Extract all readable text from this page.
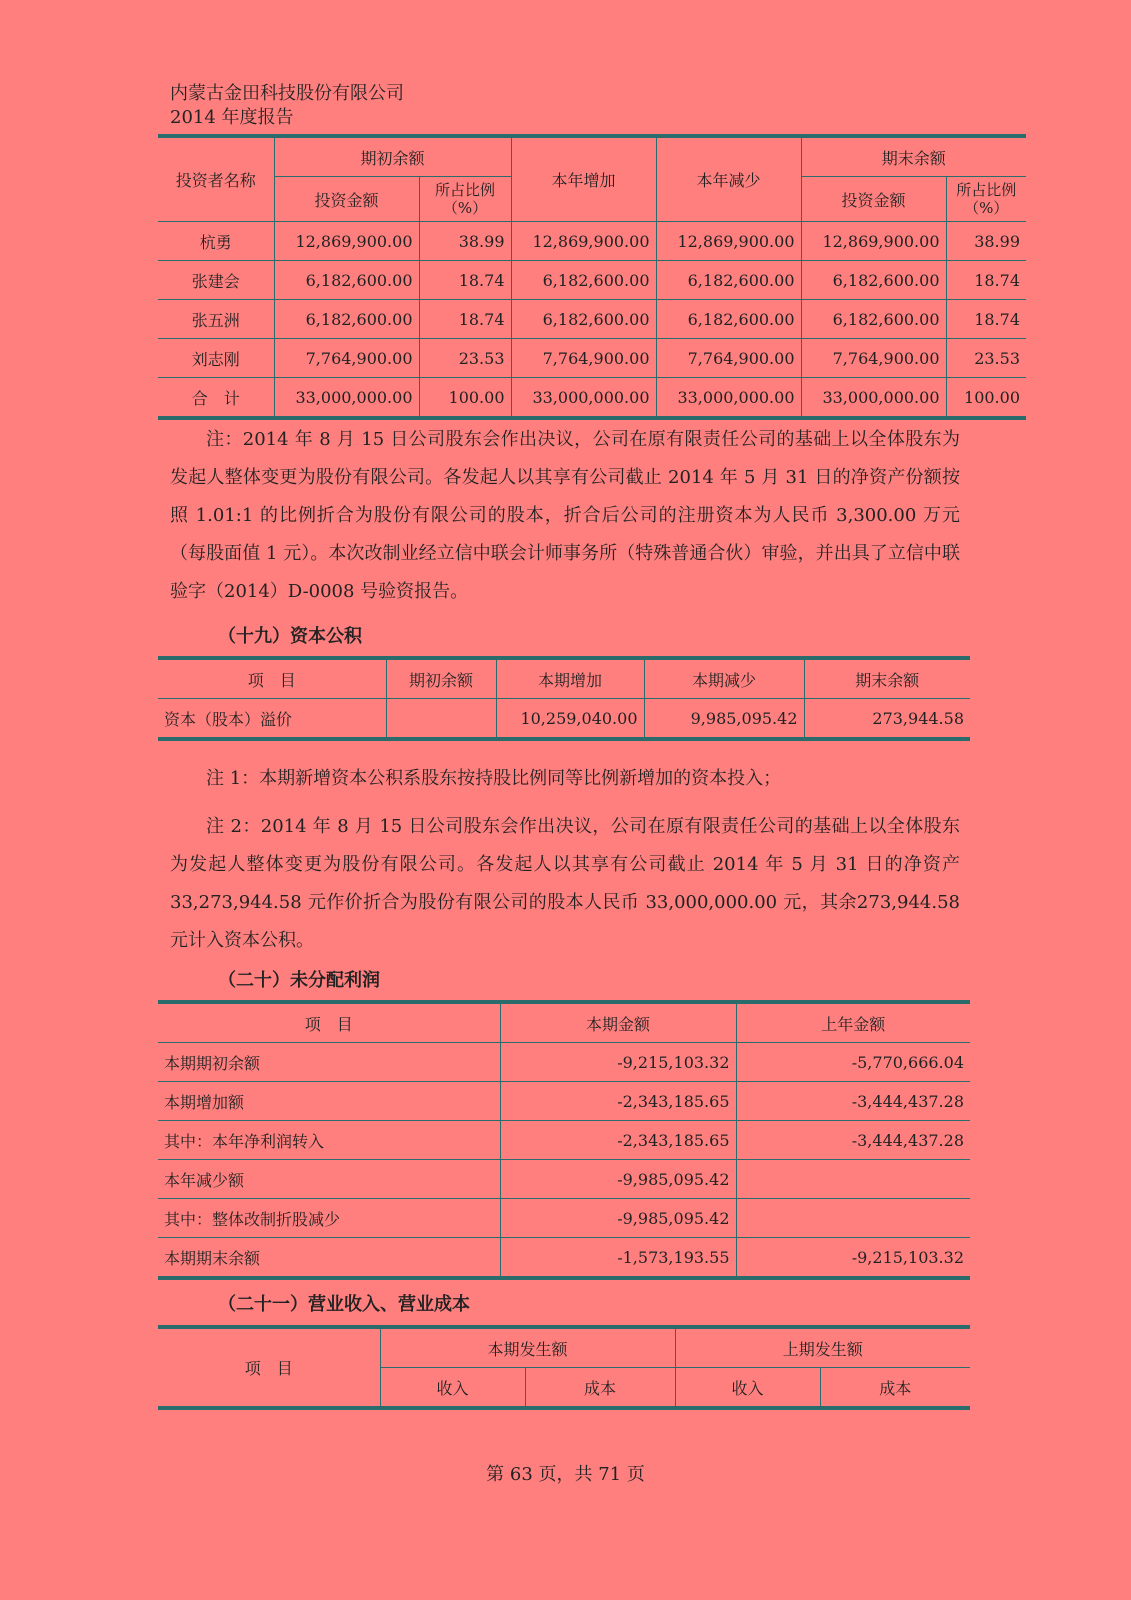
内蒙古金田科技股份有限公司
2014 年度报告
投资者名称	期初余额		本年增加	本年减少	期末余额	
	投资金额	所占比例（%）			投资金额	所占比例（%）
杭勇	12,869,900.00	38.99	12,869,900.00	12,869,900.00	12,869,900.00	38.99
张建会	6,182,600.00	18.74	6,182,600.00	6,182,600.00	6,182,600.00	18.74
张五洲	6,182,600.00	18.74	6,182,600.00	6,182,600.00	6,182,600.00	18.74
刘志刚	7,764,900.00	23.53	7,764,900.00	7,764,900.00	7,764,900.00	23.53
合　计	33,000,000.00	100.00	33,000,000.00	33,000,000.00	33,000,000.00	100.00

注：2014 年 8 月 15 日公司股东会作出决议，公司在原有限责任公司的基础上以全体股东为发起人整体变更为股份有限公司。各发起人以其享有公司截止 2014 年 5 月 31 日的净资产份额按照 1.01:1 的比例折合为股份有限公司的股本，折合后公司的注册资本为人民币 3,300.00 万元（每股面值 1 元）。本次改制业经立信中联会计师事务所（特殊普通合伙）审验，并出具了立信中联验字（2014）D-0008 号验资报告。

（十九）资本公积
项　目	期初余额	本期增加	本期减少	期末余额
资本（股本）溢价		10,259,040.00	9,985,095.42	273,944.58

注 1：本期新增资本公积系股东按持股比例同等比例新增加的资本投入；

注 2：2014 年 8 月 15 日公司股东会作出决议，公司在原有限责任公司的基础上以全体股东为发起人整体变更为股份有限公司。各发起人以其享有公司截止 2014 年 5 月 31 日的净资产 33,273,944.58 元作价折合为股份有限公司的股本人民币 33,000,000.00 元，其余273,944.58 元计入资本公积。

（二十）未分配利润
项　目	本期金额	上年金额
本期期初余额	-9,215,103.32	-5,770,666.04
本期增加额	-2,343,185.65	-3,444,437.28
其中：本年净利润转入	-2,343,185.65	-3,444,437.28
本年减少额	-9,985,095.42	
其中：整体改制折股减少	-9,985,095.42	
本期期末余额	-1,573,193.55	-9,215,103.32
（二十一）营业收入、营业成本
项　目	本期发生额		上期发生额	
	收入	成本	收入	成本
第 63 页，共 71 页
